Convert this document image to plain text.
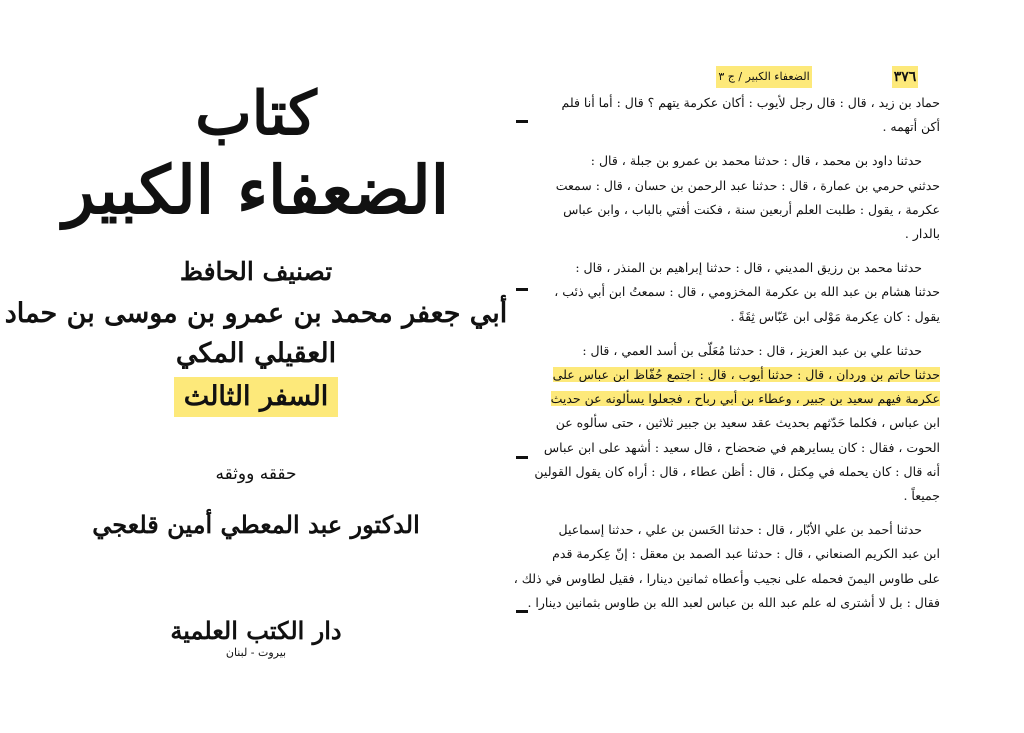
كتاب
الضعفاء الكبير
تصنيف الحافظ
أبي جعفر محمد بن عمرو بن موسى بن حماد العقيلي المكي
السفر الثالث
حققه ووثقه
الدكتور عبد المعطي أمين قلعجي
دار الكتب العلمية
بيروت - لبنان
٣٧٦
الضعفاء الكبير / ج ٣
حماد بن زيد ، قال : قال رجل لأيوب : أكان عكرمة يتهم ؟ قال : أما أنا فلم
أكن أتهمه .
حدثنا داود بن محمد ، قال : حدثنا محمد بن عمرو بن جبلة ، قال :
حدثني حرمي بن عمارة ، قال : حدثنا عبد الرحمن بن حسان ، قال : سمعت
عكرمة ، يقول : طلبت العلم أربعين سنة ، فكنت أفتي بالباب ، وابن عباس
بالدار .
حدثنا محمد بن رزيق المديني ، قال : حدثنا إبراهيم بن المنذر ، قال :
حدثنا هشام بن عبد الله بن عكرمة المخزومي ، قال : سمعتُ ابن أبي ذئب ،
يقول : كان عِكرمة مَوْلى ابن عَبّاس ثِقَةً .
حدثنا علي بن عبد العزيز ، قال : حدثنا مُعَلّى بن أسد العمي ، قال :
حدثنا حاتم بن وردان ، قال : حدثنا أيوب ، قال : اجتمع حُفّاظ ابن عباس على
عكرمة فيهم سعيد بن جبير ، وعطاء بن أبي رباح ، فجعلوا يسألونه عن حديث
ابن عباس ، فكلما حَدّثهم بحديث عقد سعيد بن جبير ثلاثين ، حتى سألوه عن
الحوت ، فقال : كان يسايرهم في ضحضاح ، قال سعيد : أشهد على ابن عباس
أنه قال : كان يحمله في مِكتل ، قال : أظن عطاء ، قال : أراه كان يقول القولين
جميعاً .
حدثنا أحمد بن علي الأبّار ، قال : حدثنا الحَسن بن علي ، حدثنا إسماعيل
ابن عبد الكريم الصنعاني ، قال : حدثنا عبد الصمد بن معقل : إنّ عِكرمة قدم
على طاوس اليمنَ فحمله على نجيب وأعطاه ثمانين دينارا ، فقيل لطاوس في ذلك ،
فقال : بل لا أشترى له علم عبد الله بن عباس لعبد الله بن طاوس بثمانين دينارا .
